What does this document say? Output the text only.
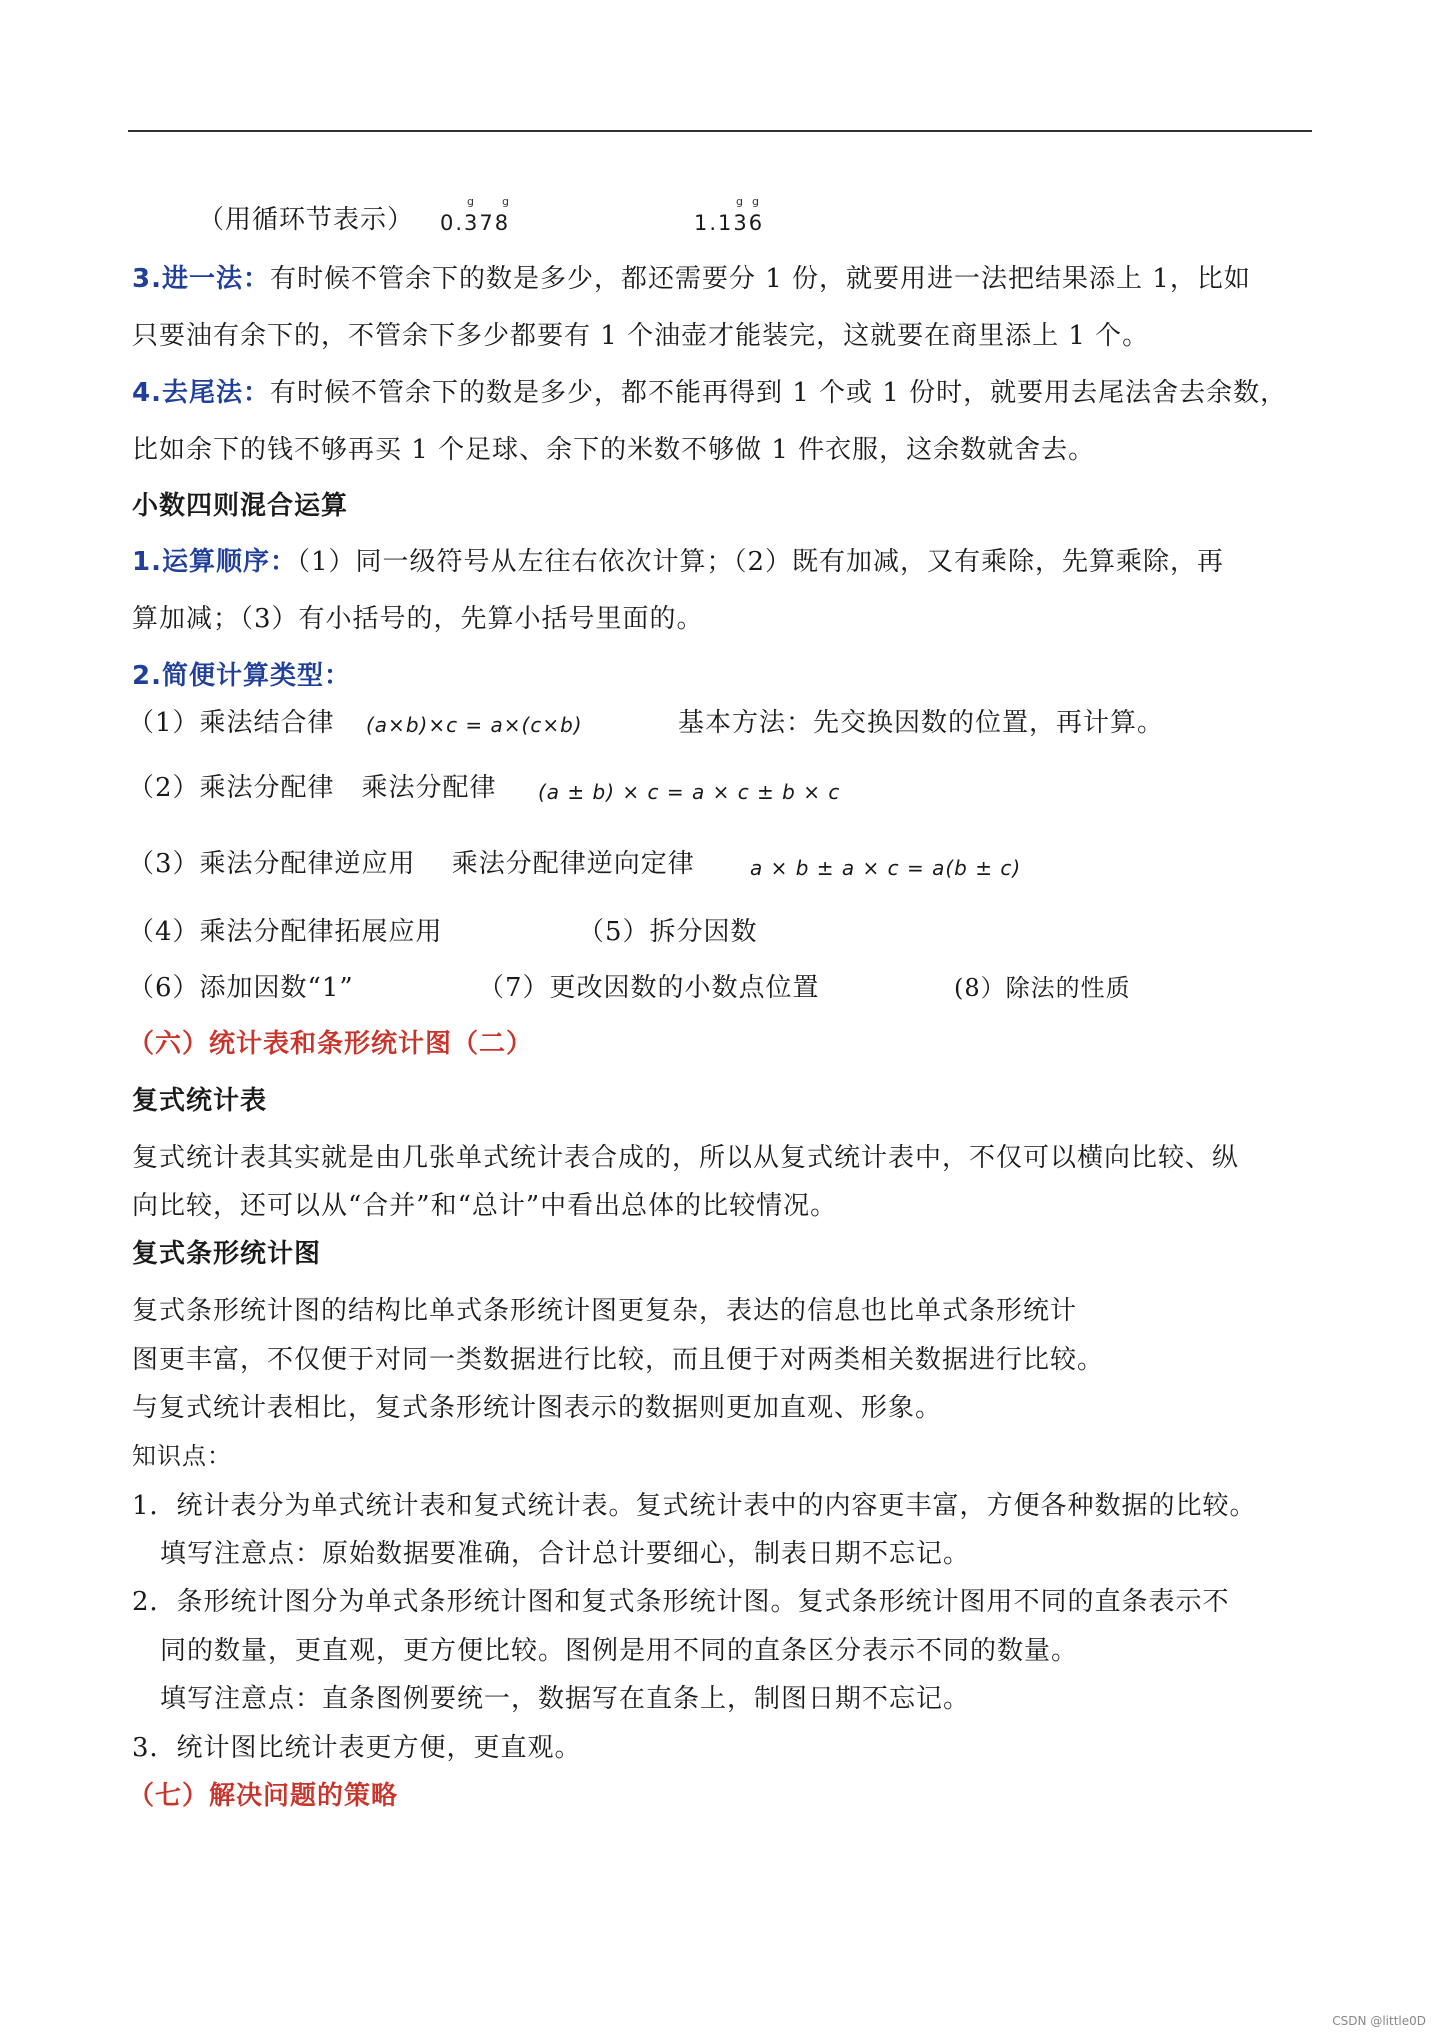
（用循环节表示） 0.378
g	g
1.136
g g
3.进一法：有时候不管余下的数是多少，都还需要分 1 份，就要用进一法把结果添上 1，比如
只要油有余下的，不管余下多少都要有 1 个油壶才能装完，这就要在商里添上 1 个。
4.去尾法：有时候不管余下的数是多少，都不能再得到 1 个或 1 份时，就要用去尾法舍去余数，
比如余下的钱不够再买 1 个足球、余下的米数不够做 1 件衣服，这余数就舍去。
小数四则混合运算
1.运算顺序：（1）同一级符号从左往右依次计算；（2）既有加减，又有乘除，先算乘除，再
算加减；（3）有小括号的，先算小括号里面的。
2.简便计算类型：
（1）乘法结合律 (a×b)×c = a×(c×b)	基本方法：先交换因数的位置，再计算。
（2）乘法分配律　乘法分配律 (a ± b) × c = a × c ± b × c
（3）乘法分配律逆应用　 乘法分配律逆向定律	a × b ± a × c = a(b ± c)
（4）乘法分配律拓展应用	（5）拆分因数
（6）添加因数“1”	（7）更改因数的小数点位置	(8）除法的性质
（六）统计表和条形统计图（二）
复式统计表
复式统计表其实就是由几张单式统计表合成的，所以从复式统计表中，不仅可以横向比较、纵
向比较，还可以从“合并”和“总计”中看出总体的比较情况。
复式条形统计图
复式条形统计图的结构比单式条形统计图更复杂，表达的信息也比单式条形统计
图更丰富，不仅便于对同一类数据进行比较，而且便于对两类相关数据进行比较。
与复式统计表相比，复式条形统计图表示的数据则更加直观、形象。
知识点：
1．统计表分为单式统计表和复式统计表。复式统计表中的内容更丰富，方便各种数据的比较。
填写注意点：原始数据要准确，合计总计要细心，制表日期不忘记。
2．条形统计图分为单式条形统计图和复式条形统计图。复式条形统计图用不同的直条表示不
同的数量，更直观，更方便比较。图例是用不同的直条区分表示不同的数量。
填写注意点：直条图例要统一，数据写在直条上，制图日期不忘记。
3．统计图比统计表更方便，更直观。
（七）解决问题的策略
CSDN @little0D
